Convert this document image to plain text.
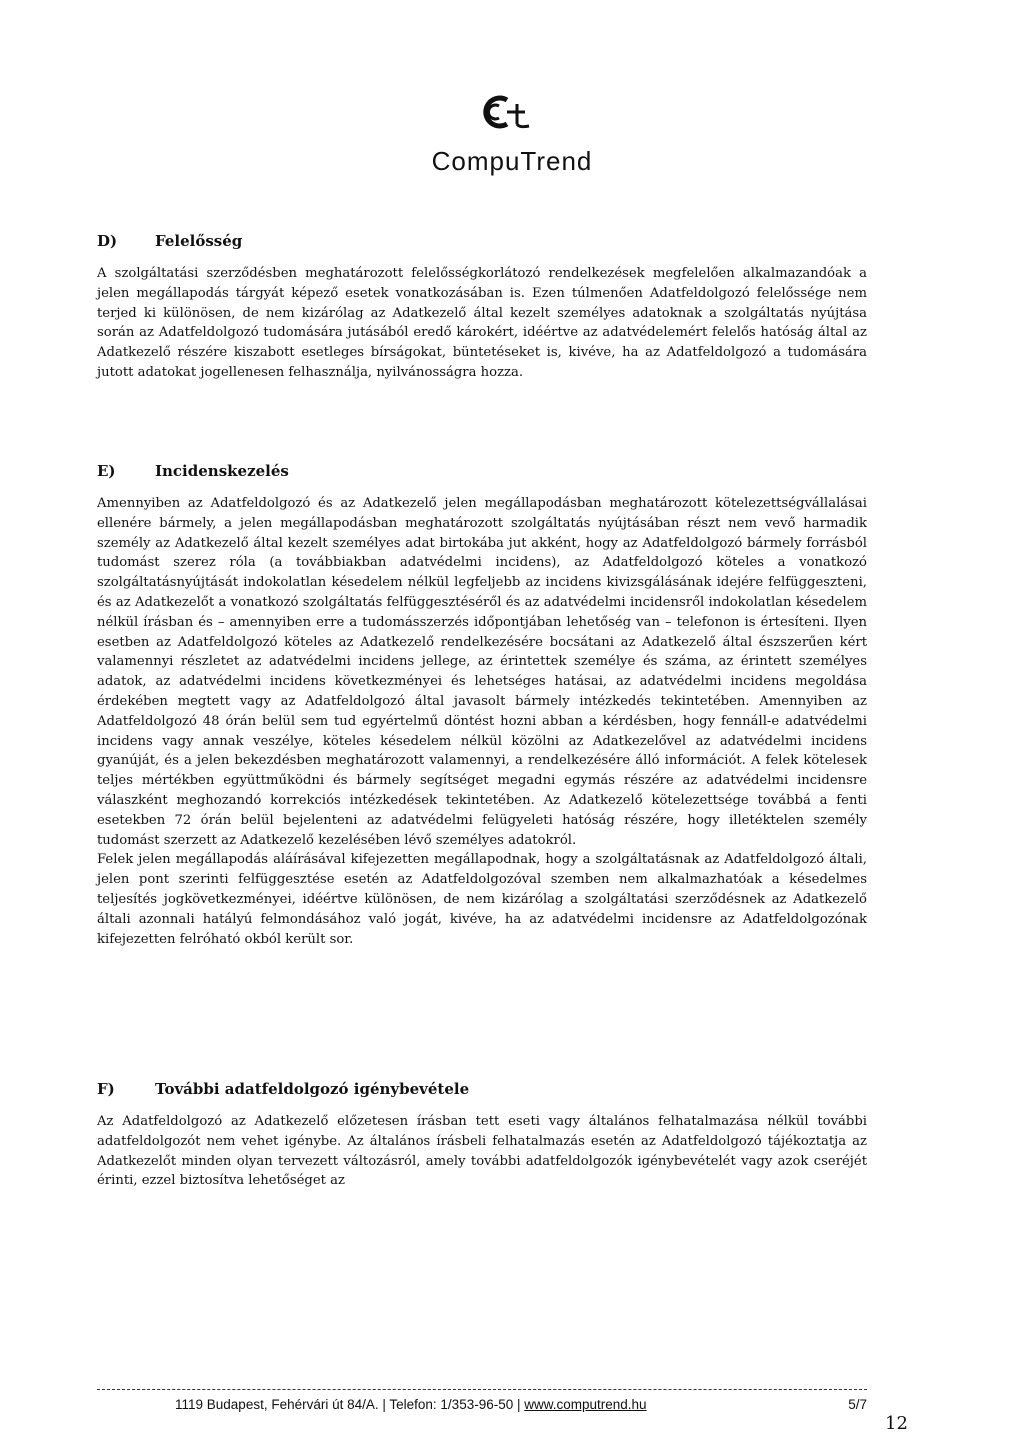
CompuTrend
D)	Felelősség

A szolgáltatási szerződésben meghatározott felelősségkorlátozó rendelkezések megfelelően alkalmazandóak a jelen megállapodás tárgyát képező esetek vonatkozásában is. Ezen túlmenően Adatfeldolgozó felelőssége nem terjed ki különösen, de nem kizárólag az Adatkezelő által kezelt személyes adatoknak a szolgáltatás nyújtása során az Adatfeldolgozó tudomására jutásából eredő károkért, idéértve az adatvédelemért felelős hatóság által az Adatkezelő részére kiszabott esetleges bírságokat, büntetéseket is, kivéve, ha az Adatfeldolgozó a tudomására jutott adatokat jogellenesen felhasználja, nyilvánosságra hozza.

E)	Incidenskezelés

Amennyiben az Adatfeldolgozó és az Adatkezelő jelen megállapodásban meghatározott kötelezettségvállalásai ellenére bármely, a jelen megállapodásban meghatározott szolgáltatás nyújtásában részt nem vevő harmadik személy az Adatkezelő által kezelt személyes adat birtokába jut akként, hogy az Adatfeldolgozó bármely forrásból tudomást szerez róla (a továbbiakban adatvédelmi incidens), az Adatfeldolgozó köteles a vonatkozó szolgáltatásnyújtását indokolatlan késedelem nélkül legfeljebb az incidens kivizsgálásának idejére felfüggeszteni, és az Adatkezelőt a vonatkozó szolgáltatás felfüggesztéséről és az adatvédelmi incidensről indokolatlan késedelem nélkül írásban és – amennyiben erre a tudomásszerzés időpontjában lehetőség van – telefonon is értesíteni. Ilyen esetben az Adatfeldolgozó köteles az Adatkezelő rendelkezésére bocsátani az Adatkezelő által észszerűen kért valamennyi részletet az adatvédelmi incidens jellege, az érintettek személye és száma, az érintett személyes adatok, az adatvédelmi incidens következményei és lehetséges hatásai, az adatvédelmi incidens megoldása érdekében megtett vagy az Adatfeldolgozó által javasolt bármely intézkedés tekintetében. Amennyiben az Adatfeldolgozó 48 órán belül sem tud egyértelmű döntést hozni abban a kérdésben, hogy fennáll-e adatvédelmi incidens vagy annak veszélye, köteles késedelem nélkül közölni az Adatkezelővel az adatvédelmi incidens gyanúját, és a jelen bekezdésben meghatározott valamennyi, a rendelkezésére álló információt. A felek kötelesek teljes mértékben együttműködni és bármely segítséget megadni egymás részére az adatvédelmi incidensre válaszként meghozandó korrekciós intézkedések tekintetében. Az Adatkezelő kötelezettsége továbbá a fenti esetekben 72 órán belül bejelenteni az adatvédelmi felügyeleti hatóság részére, hogy illetéktelen személy tudomást szerzett az Adatkezelő kezelésében lévő személyes adatokról.

Felek jelen megállapodás aláírásával kifejezetten megállapodnak, hogy a szolgáltatásnak az Adatfeldolgozó általi, jelen pont szerinti felfüggesztése esetén az Adatfeldolgozóval szemben nem alkalmazhatóak a késedelmes teljesítés jogkövetkezményei, idéértve különösen, de nem kizárólag a szolgáltatási szerződésnek az Adatkezelő általi azonnali hatályú felmondásához való jogát, kivéve, ha az adatvédelmi incidensre az Adatfeldolgozónak kifejezetten felróható okból került sor.

F)	További adatfeldolgozó igénybevétele

Az Adatfeldolgozó az Adatkezelő előzetesen írásban tett eseti vagy általános felhatalmazása nélkül további adatfeldolgozót nem vehet igénybe. Az általános írásbeli felhatalmazás esetén az Adatfeldolgozó tájékoztatja az Adatkezelőt minden olyan tervezett változásról, amely további adatfeldolgozók igénybevételét vagy azok cseréjét érinti, ezzel biztosítva lehetőséget az

1119 Budapest, Fehérvári út 84/A. | Telefon: 1/353-96-50 | www.computrend.hu	5/7
12
